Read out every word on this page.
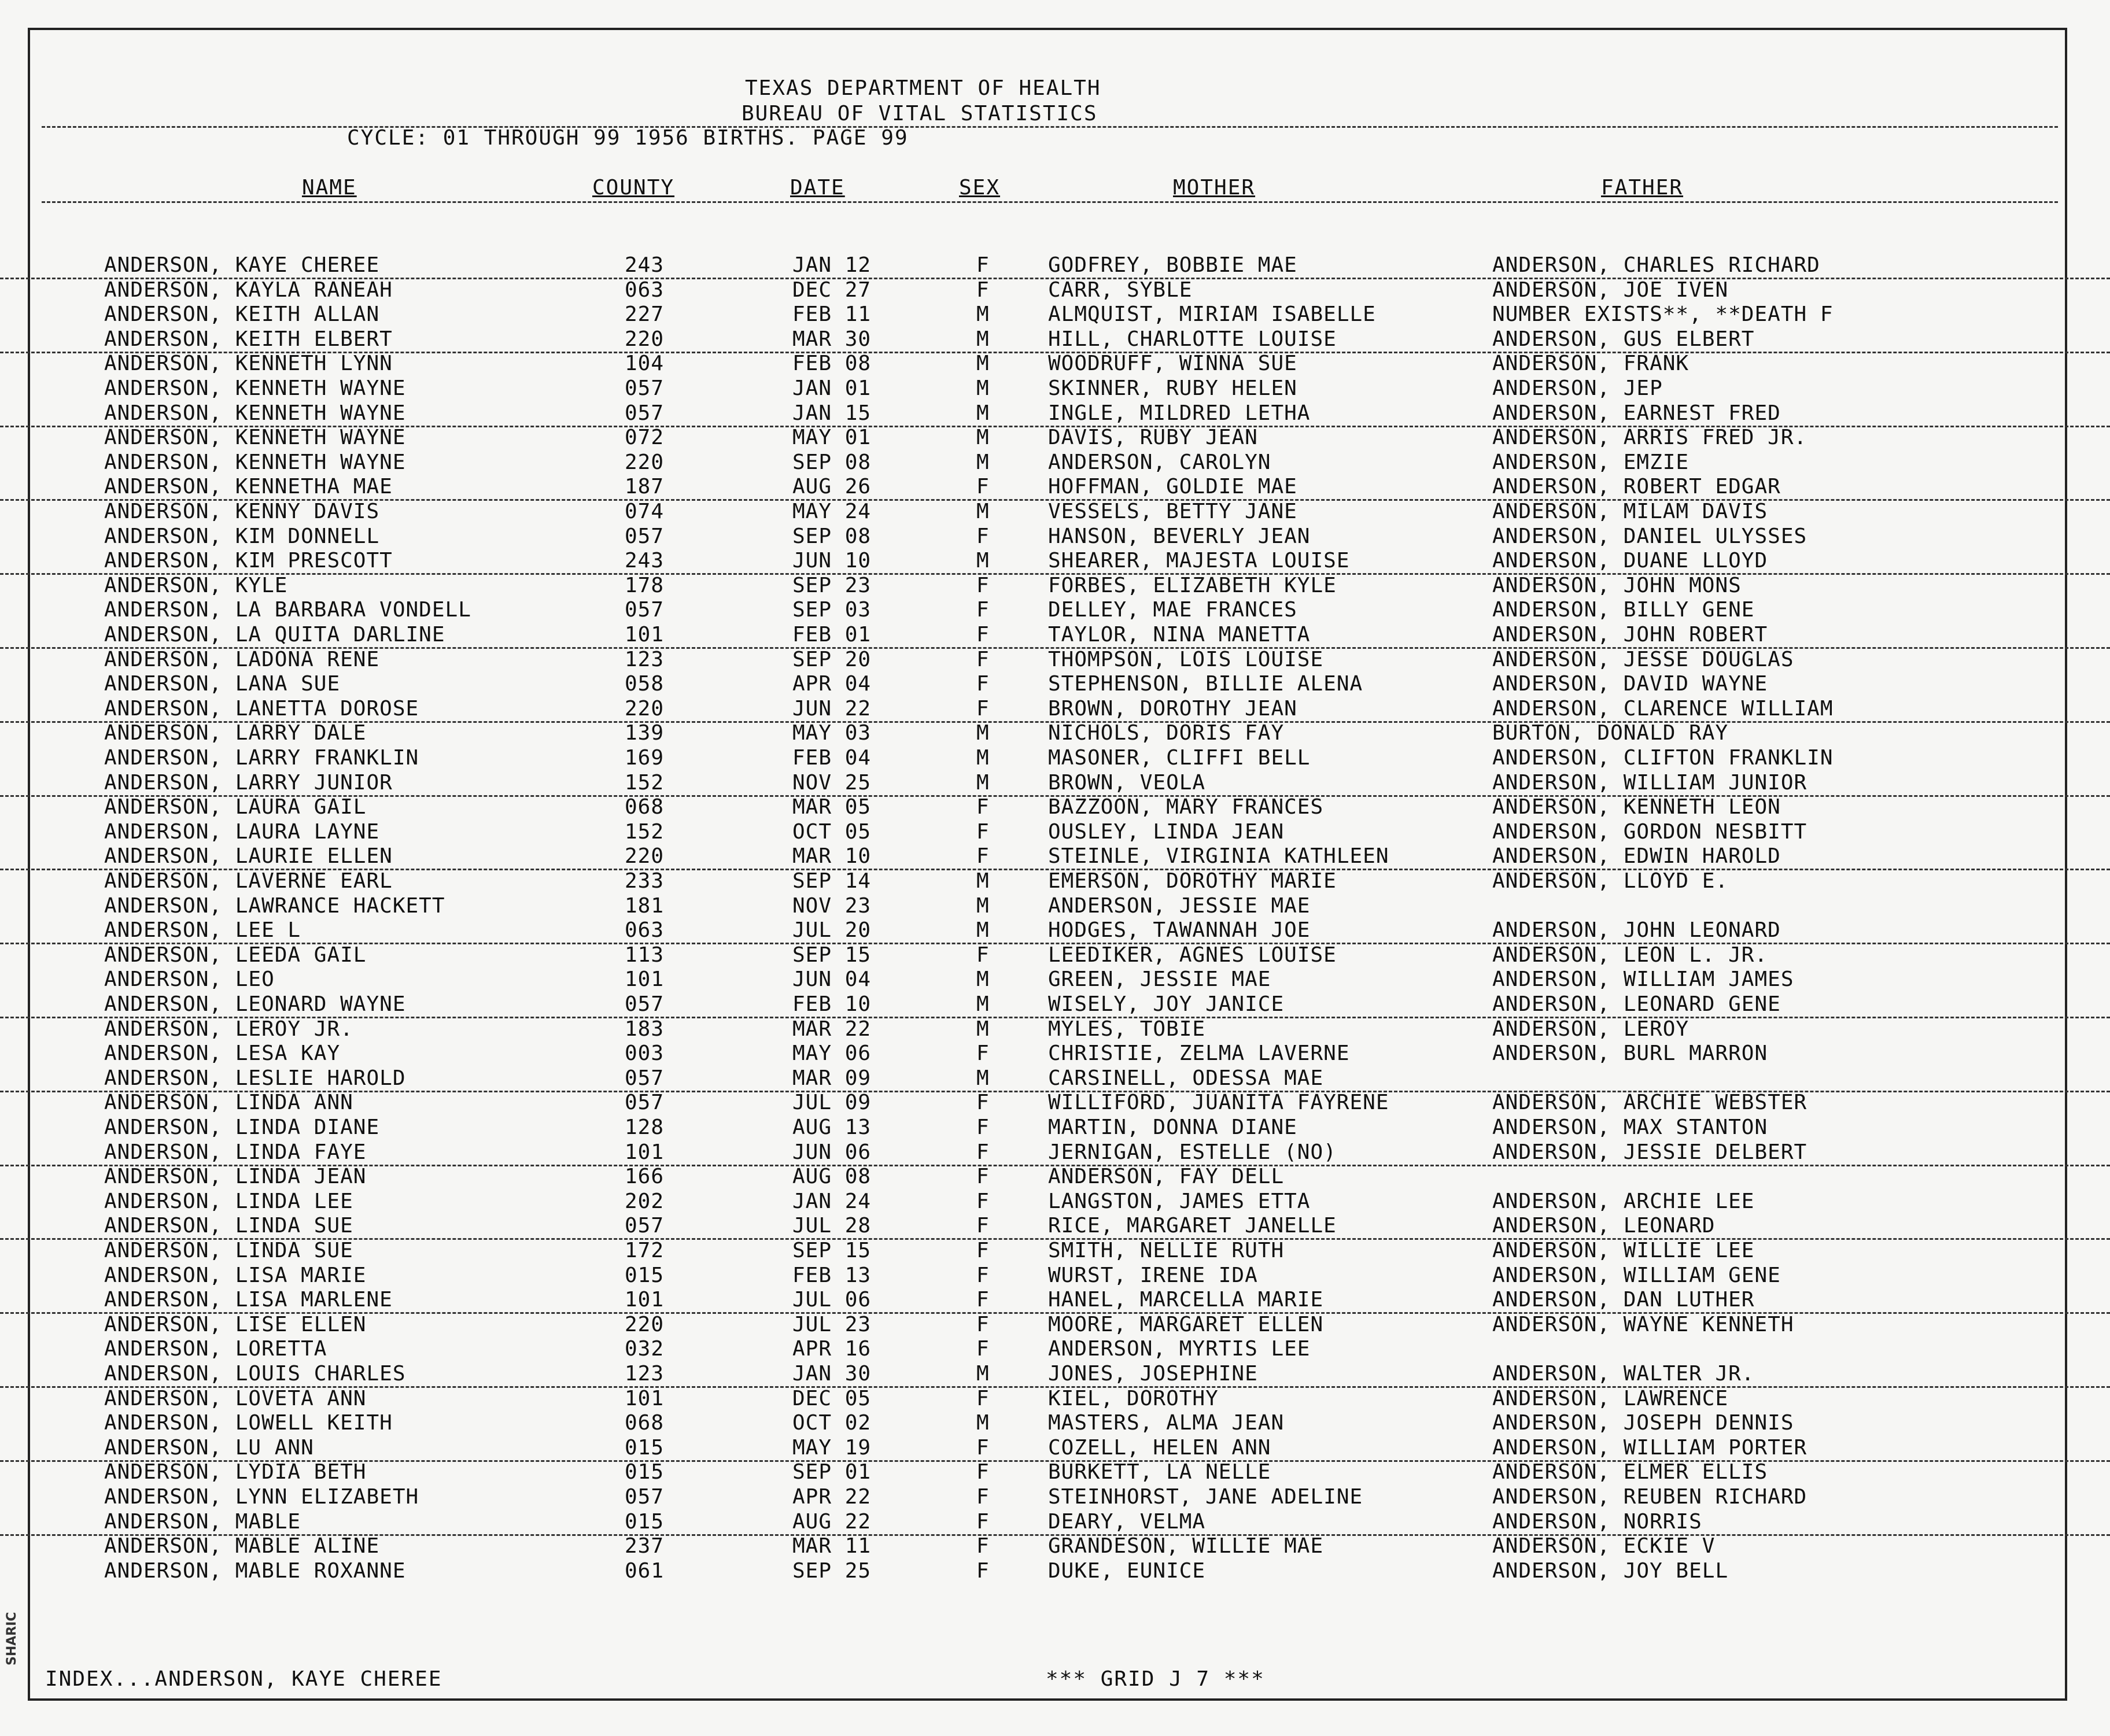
SHARIC
TEXAS DEPARTMENT OF HEALTH
BUREAU OF VITAL STATISTICS
CYCLE: 01 THROUGH 99 1956 BIRTHS. PAGE 99
NAME	COUNTY	DATE	SEX	MOTHER	FATHER
ANDERSON, KAYE CHEREE	243	JAN 12	F	GODFREY, BOBBIE MAE	ANDERSON, CHARLES RICHARD
ANDERSON, KAYLA RANEAH	063	DEC 27	F	CARR, SYBLE	ANDERSON, JOE IVEN
ANDERSON, KEITH ALLAN	227	FEB 11	M	ALMQUIST, MIRIAM ISABELLE	NUMBER EXISTS**, **DEATH F
ANDERSON, KEITH ELBERT	220	MAR 30	M	HILL, CHARLOTTE LOUISE	ANDERSON, GUS ELBERT
ANDERSON, KENNETH LYNN	104	FEB 08	M	WOODRUFF, WINNA SUE	ANDERSON, FRANK
ANDERSON, KENNETH WAYNE	057	JAN 01	M	SKINNER, RUBY HELEN	ANDERSON, JEP
ANDERSON, KENNETH WAYNE	057	JAN 15	M	INGLE, MILDRED LETHA	ANDERSON, EARNEST FRED
ANDERSON, KENNETH WAYNE	072	MAY 01	M	DAVIS, RUBY JEAN	ANDERSON, ARRIS FRED JR.
ANDERSON, KENNETH WAYNE	220	SEP 08	M	ANDERSON, CAROLYN	ANDERSON, EMZIE
ANDERSON, KENNETHA MAE	187	AUG 26	F	HOFFMAN, GOLDIE MAE	ANDERSON, ROBERT EDGAR
ANDERSON, KENNY DAVIS	074	MAY 24	M	VESSELS, BETTY JANE	ANDERSON, MILAM DAVIS
ANDERSON, KIM DONNELL	057	SEP 08	F	HANSON, BEVERLY JEAN	ANDERSON, DANIEL ULYSSES
ANDERSON, KIM PRESCOTT	243	JUN 10	M	SHEARER, MAJESTA LOUISE	ANDERSON, DUANE LLOYD
ANDERSON, KYLE	178	SEP 23	F	FORBES, ELIZABETH KYLE	ANDERSON, JOHN MONS
ANDERSON, LA BARBARA VONDELL	057	SEP 03	F	DELLEY, MAE FRANCES	ANDERSON, BILLY GENE
ANDERSON, LA QUITA DARLINE	101	FEB 01	F	TAYLOR, NINA MANETTA	ANDERSON, JOHN ROBERT
ANDERSON, LADONA RENE	123	SEP 20	F	THOMPSON, LOIS LOUISE	ANDERSON, JESSE DOUGLAS
ANDERSON, LANA SUE	058	APR 04	F	STEPHENSON, BILLIE ALENA	ANDERSON, DAVID WAYNE
ANDERSON, LANETTA DOROSE	220	JUN 22	F	BROWN, DOROTHY JEAN	ANDERSON, CLARENCE WILLIAM
ANDERSON, LARRY DALE	139	MAY 03	M	NICHOLS, DORIS FAY	BURTON, DONALD RAY
ANDERSON, LARRY FRANKLIN	169	FEB 04	M	MASONER, CLIFFI BELL	ANDERSON, CLIFTON FRANKLIN
ANDERSON, LARRY JUNIOR	152	NOV 25	M	BROWN, VEOLA	ANDERSON, WILLIAM JUNIOR
ANDERSON, LAURA GAIL	068	MAR 05	F	BAZZOON, MARY FRANCES	ANDERSON, KENNETH LEON
ANDERSON, LAURA LAYNE	152	OCT 05	F	OUSLEY, LINDA JEAN	ANDERSON, GORDON NESBITT
ANDERSON, LAURIE ELLEN	220	MAR 10	F	STEINLE, VIRGINIA KATHLEEN	ANDERSON, EDWIN HAROLD
ANDERSON, LAVERNE EARL	233	SEP 14	M	EMERSON, DOROTHY MARIE	ANDERSON, LLOYD E.
ANDERSON, LAWRANCE HACKETT	181	NOV 23	M	ANDERSON, JESSIE MAE
ANDERSON, LEE L	063	JUL 20	M	HODGES, TAWANNAH JOE	ANDERSON, JOHN LEONARD
ANDERSON, LEEDA GAIL	113	SEP 15	F	LEEDIKER, AGNES LOUISE	ANDERSON, LEON L. JR.
ANDERSON, LEO	101	JUN 04	M	GREEN, JESSIE MAE	ANDERSON, WILLIAM JAMES
ANDERSON, LEONARD WAYNE	057	FEB 10	M	WISELY, JOY JANICE	ANDERSON, LEONARD GENE
ANDERSON, LEROY JR.	183	MAR 22	M	MYLES, TOBIE	ANDERSON, LEROY
ANDERSON, LESA KAY	003	MAY 06	F	CHRISTIE, ZELMA LAVERNE	ANDERSON, BURL MARRON
ANDERSON, LESLIE HAROLD	057	MAR 09	M	CARSINELL, ODESSA MAE
ANDERSON, LINDA ANN	057	JUL 09	F	WILLIFORD, JUANITA FAYRENE	ANDERSON, ARCHIE WEBSTER
ANDERSON, LINDA DIANE	128	AUG 13	F	MARTIN, DONNA DIANE	ANDERSON, MAX STANTON
ANDERSON, LINDA FAYE	101	JUN 06	F	JERNIGAN, ESTELLE (NO)	ANDERSON, JESSIE DELBERT
ANDERSON, LINDA JEAN	166	AUG 08	F	ANDERSON, FAY DELL
ANDERSON, LINDA LEE	202	JAN 24	F	LANGSTON, JAMES ETTA	ANDERSON, ARCHIE LEE
ANDERSON, LINDA SUE	057	JUL 28	F	RICE, MARGARET JANELLE	ANDERSON, LEONARD
ANDERSON, LINDA SUE	172	SEP 15	F	SMITH, NELLIE RUTH	ANDERSON, WILLIE LEE
ANDERSON, LISA MARIE	015	FEB 13	F	WURST, IRENE IDA	ANDERSON, WILLIAM GENE
ANDERSON, LISA MARLENE	101	JUL 06	F	HANEL, MARCELLA MARIE	ANDERSON, DAN LUTHER
ANDERSON, LISE ELLEN	220	JUL 23	F	MOORE, MARGARET ELLEN	ANDERSON, WAYNE KENNETH
ANDERSON, LORETTA	032	APR 16	F	ANDERSON, MYRTIS LEE
ANDERSON, LOUIS CHARLES	123	JAN 30	M	JONES, JOSEPHINE	ANDERSON, WALTER JR.
ANDERSON, LOVETA ANN	101	DEC 05	F	KIEL, DOROTHY	ANDERSON, LAWRENCE
ANDERSON, LOWELL KEITH	068	OCT 02	M	MASTERS, ALMA JEAN	ANDERSON, JOSEPH DENNIS
ANDERSON, LU ANN	015	MAY 19	F	COZELL, HELEN ANN	ANDERSON, WILLIAM PORTER
ANDERSON, LYDIA BETH	015	SEP 01	F	BURKETT, LA NELLE	ANDERSON, ELMER ELLIS
ANDERSON, LYNN ELIZABETH	057	APR 22	F	STEINHORST, JANE ADELINE	ANDERSON, REUBEN RICHARD
ANDERSON, MABLE	015	AUG 22	F	DEARY, VELMA	ANDERSON, NORRIS
ANDERSON, MABLE ALINE	237	MAR 11	F	GRANDESON, WILLIE MAE	ANDERSON, ECKIE V
ANDERSON, MABLE ROXANNE	061	SEP 25	F	DUKE, EUNICE	ANDERSON, JOY BELL
INDEX...ANDERSON, KAYE CHEREE	*** GRID J 7 ***
